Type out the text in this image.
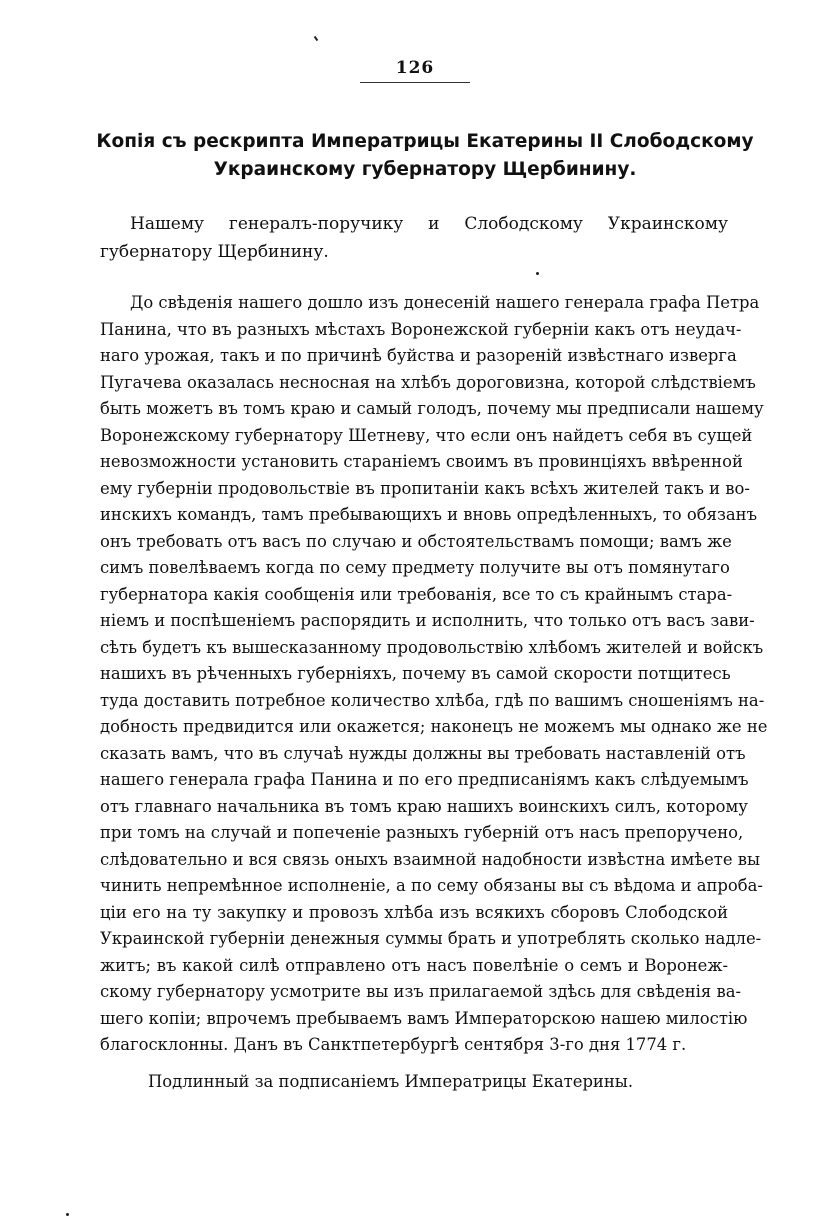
126
Копія съ рескрипта Императрицы Екатерины II Слободскому Украинскому губернатору Щербинину.
Нашему генералъ-поручику и Слободскому Украинскому губернатору Щербинину.
До свѣденія нашего дошло изъ донесеній нашего генерала графа Петра
Панина, что въ разныхъ мѣстахъ Воронежской губерніи какъ отъ неудач-
наго урожая, такъ и по причинѣ буйства и разореній извѣстнаго изверга
Пугачева оказалась несносная на хлѣбъ дороговизна, которой слѣдствіемъ
быть можетъ въ томъ краю и самый голодъ, почему мы предписали нашему
Воронежскому губернатору Шетневу, что если онъ найдетъ себя въ сущей
невозможности установить стараніемъ своимъ въ провинціяхъ ввѣренной
ему губерніи продовольствіе въ пропитаніи какъ всѣхъ жителей такъ и во-
инскихъ командъ, тамъ пребывающихъ и вновь опредѣленныхъ, то обязанъ
онъ требовать отъ васъ по случаю и обстоятельствамъ помощи; вамъ же
симъ повелѣваемъ когда по сему предмету получите вы отъ помянутаго
губернатора какія сообщенія или требованія, все то съ крайнымъ стара-
ніемъ и поспѣшеніемъ распорядить и исполнить, что только отъ васъ зави-
сѣть будетъ къ вышесказанному продовольствію хлѣбомъ жителей и войскъ
нашихъ въ рѣченныхъ губерніяхъ, почему въ самой скорости потщитесь
туда доставить потребное количество хлѣба, гдѣ по вашимъ сношеніямъ на-
добность предвидится или окажется; наконецъ не можемъ мы однако же не
сказать вамъ, что въ случаѣ нужды должны вы требовать наставленій отъ
нашего генерала графа Панина и по его предписаніямъ какъ слѣдуемымъ
отъ главнаго начальника въ томъ краю нашихъ воинскихъ силъ, которому
при томъ на случай и попеченіе разныхъ губерній отъ насъ препоручено,
слѣдовательно и вся связь оныхъ взаимной надобности извѣстна имѣете вы
чинить непремѣнное исполненіе, а по сему обязаны вы съ вѣдома и апроба-
ціи его на ту закупку и провозъ хлѣба изъ всякихъ сборовъ Слободской
Украинской губерніи денежныя суммы брать и употреблять сколько надле-
житъ; въ какой силѣ отправлено отъ насъ повелѣніе о семъ и Воронеж-
скому губернатору усмотрите вы изъ прилагаемой здѣсь для свѣденія ва-
шего копіи; впрочемъ пребываемъ вамъ Императорскою нашею милостію
благосклонны. Данъ въ Санктпетербургѣ сентября 3-го дня 1774 г.
Подлинный за подписаніемъ Императрицы Екатерины.
